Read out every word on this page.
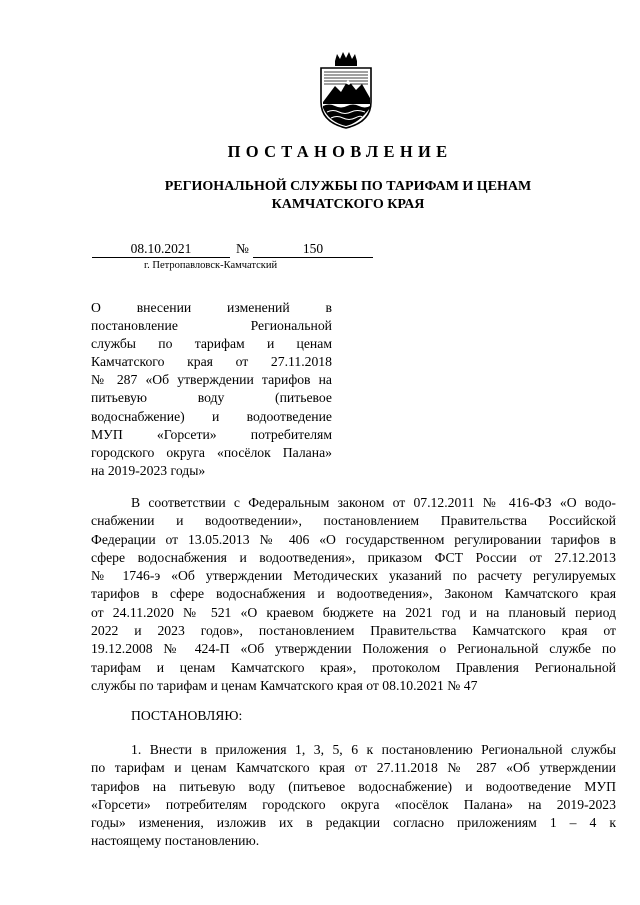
ПОСТАНОВЛЕНИЕ
РЕГИОНАЛЬНОЙ СЛУЖБЫ ПО ТАРИФАМ И ЦЕНАМ
КАМЧАТСКОГО КРАЯ
08.10.2021	№	150
г. Петропавловск-Камчатский
О внесении изменений в
постановление Региональной
службы по тарифам и ценам
Камчатского края от 27.11.2018
№ 287 «Об утверждении тарифов на
питьевую воду (питьевое
водоснабжение) и водоотведение
МУП «Горсети» потребителям
городского округа «посёлок Палана»
на 2019-2023 годы»
В соответствии с Федеральным законом от 07.12.2011 № 416-ФЗ «О водо-
снабжении и водоотведении», постановлением Правительства Российской
Федерации от 13.05.2013 № 406 «О государственном регулировании тарифов в
сфере водоснабжения и водоотведения», приказом ФСТ России от 27.12.2013
№ 1746-э «Об утверждении Методических указаний по расчету регулируемых
тарифов в сфере водоснабжения и водоотведения», Законом Камчатского края
от 24.11.2020 № 521 «О краевом бюджете на 2021 год и на плановый период
2022 и 2023 годов», постановлением Правительства Камчатского края от
19.12.2008 № 424-П «Об утверждении Положения о Региональной службе по
тарифам и ценам Камчатского края», протоколом Правления Региональной
службы по тарифам и ценам Камчатского края от 08.10.2021 № 47
ПОСТАНОВЛЯЮ:
1. Внести в приложения 1, 3, 5, 6 к постановлению Региональной службы
по тарифам и ценам Камчатского края от 27.11.2018 № 287 «Об утверждении
тарифов на питьевую воду (питьевое водоснабжение) и водоотведение МУП
«Горсети» потребителям городского округа «посёлок Палана» на 2019-2023
годы» изменения, изложив их в редакции согласно приложениям 1 – 4 к
настоящему постановлению.
